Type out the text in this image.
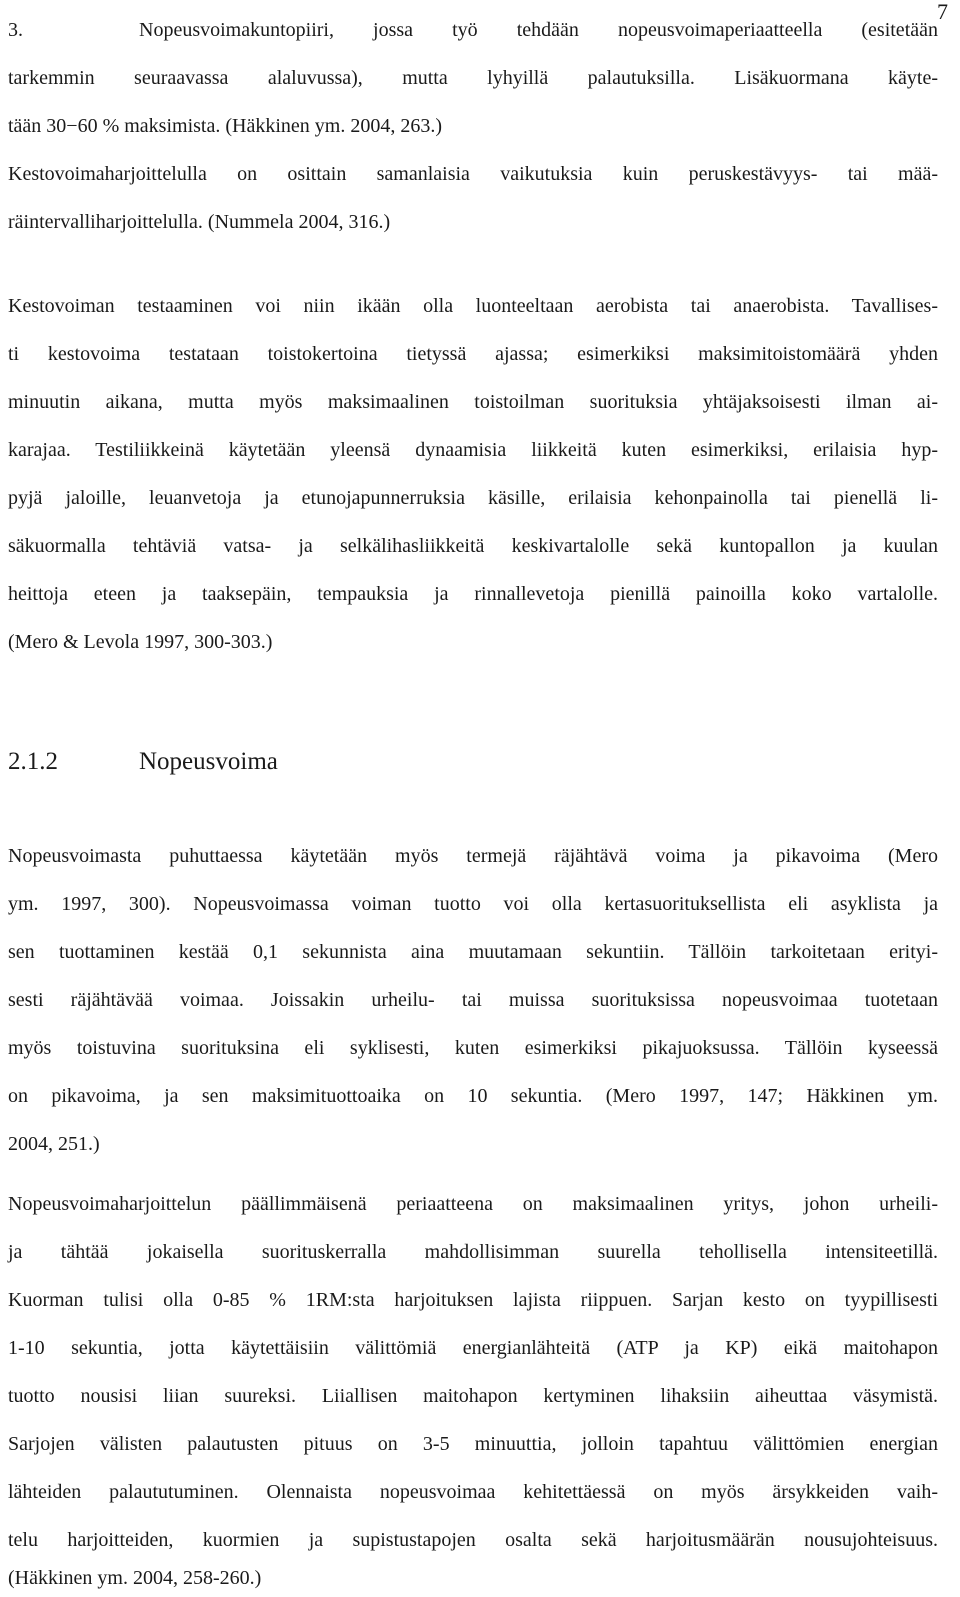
7
3.	Nopeusvoimakuntopiiri, jossa työ tehdään nopeusvoimaperiaatteella (esitetään
tarkemmin seuraavassa alaluvussa), mutta lyhyillä palautuksilla. Lisäkuormana käyte-
tään 30−60 % maksimista. (Häkkinen ym. 2004, 263.)
Kestovoimaharjoittelulla on osittain samanlaisia vaikutuksia kuin peruskestävyys- tai mää-
räintervalliharjoittelulla. (Nummela 2004, 316.)
Kestovoiman testaaminen voi niin ikään olla luonteeltaan aerobista tai anaerobista. Tavallises-
ti kestovoima testataan toistokertoina tietyssä ajassa; esimerkiksi maksimitoistomäärä yhden
minuutin aikana, mutta myös maksimaalinen toistoilman suorituksia yhtäjaksoisesti ilman ai-
karajaa. Testiliikkeinä käytetään yleensä dynaamisia liikkeitä kuten esimerkiksi, erilaisia hyp-
pyjä jaloille, leuanvetoja ja etunojapunnerruksia käsille, erilaisia kehonpainolla tai pienellä li-
säkuormalla tehtäviä vatsa- ja selkälihasliikkeitä keskivartalolle sekä kuntopallon ja kuulan
heittoja eteen ja taaksepäin, tempauksia ja rinnallevetoja pienillä painoilla koko vartalolle.
(Mero & Levola 1997, 300-303.)
2.1.2	Nopeusvoima
Nopeusvoimasta puhuttaessa käytetään myös termejä räjähtävä voima ja pikavoima (Mero
ym. 1997, 300). Nopeusvoimassa voiman tuotto voi olla kertasuorituksellista eli asyklista ja
sen tuottaminen kestää 0,1 sekunnista aina muutamaan sekuntiin. Tällöin tarkoitetaan erityi-
sesti räjähtävää voimaa. Joissakin urheilu- tai muissa suorituksissa nopeusvoimaa tuotetaan
myös toistuvina suorituksina eli syklisesti, kuten esimerkiksi pikajuoksussa. Tällöin kyseessä
on pikavoima, ja sen maksimituottoaika on 10 sekuntia. (Mero 1997, 147; Häkkinen ym.
2004, 251.)
Nopeusvoimaharjoittelun päällimmäisenä periaatteena on maksimaalinen yritys, johon urheili-
ja tähtää jokaisella suorituskerralla mahdollisimman suurella tehollisella intensiteetillä.
Kuorman tulisi olla 0-85 % 1RM:sta harjoituksen lajista riippuen. Sarjan kesto on tyypillisesti
1-10 sekuntia, jotta käytettäisiin välittömiä energianlähteitä (ATP ja KP) eikä maitohapon
tuotto nousisi liian suureksi. Liiallisen maitohapon kertyminen lihaksiin aiheuttaa väsymistä.
Sarjojen välisten palautusten pituus on 3-5 minuuttia, jolloin tapahtuu välittömien energian
lähteiden palaututuminen. Olennaista nopeusvoimaa kehitettäessä on myös ärsykkeiden vaih-
telu harjoitteiden, kuormien ja supistustapojen osalta sekä harjoitusmäärän nousujohteisuus.
(Häkkinen ym. 2004, 258-260.)
